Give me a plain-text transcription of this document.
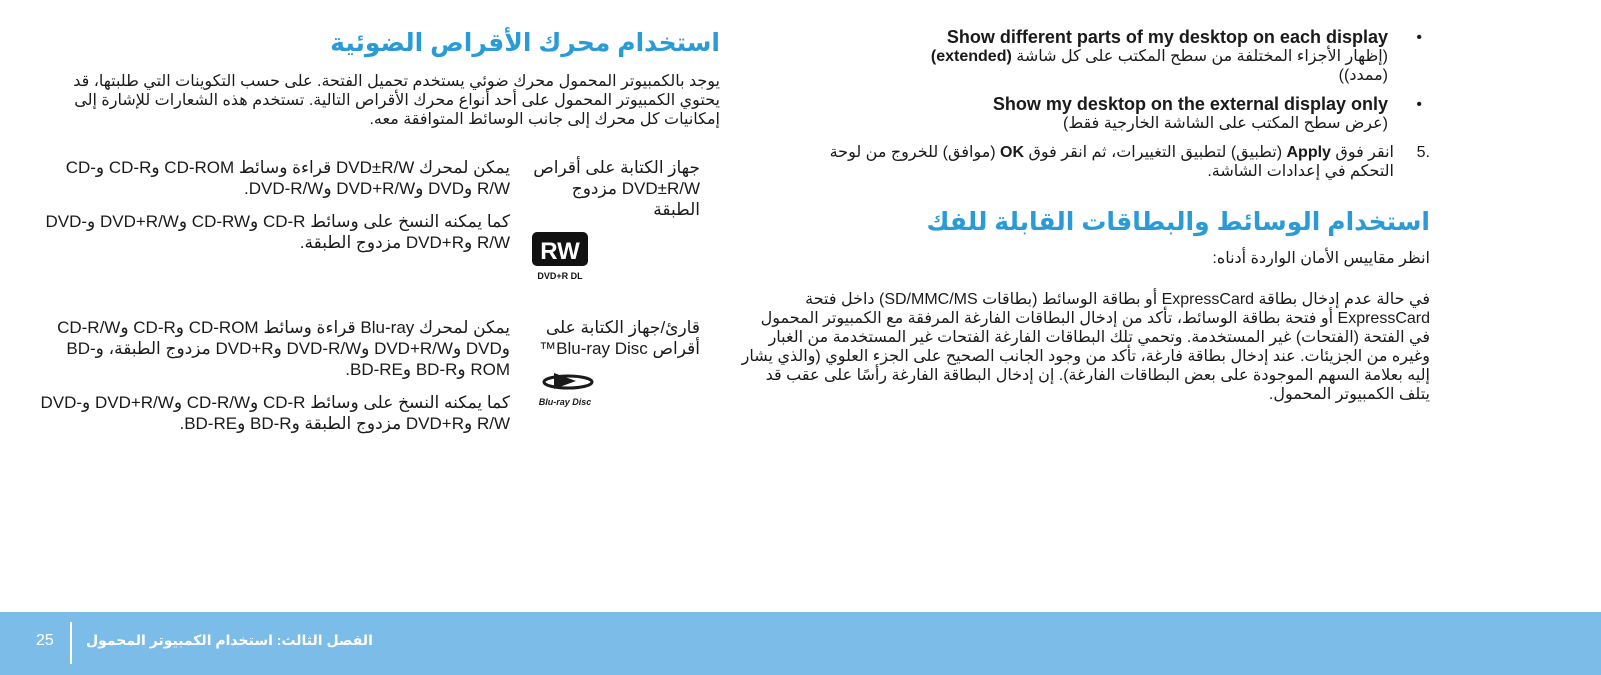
•
Show different parts of my desktop on each display
(إظهار الأجزاء المختلفة من سطح المكتب على كل شاشة (extended)
(ممدد))
•
Show my desktop on the external display only
(عرض سطح المكتب على الشاشة الخارجية فقط)
.5
انقر فوق Apply (تطبيق) لتطبيق التغييرات، ثم انقر فوق OK (موافق) للخروج من لوحة
التحكم في إعدادات الشاشة.
استخدام الوسائط والبطاقات القابلة للفك

انظر مقاييس الأمان الواردة أدناه:

في حالة عدم إدخال بطاقة ExpressCard أو بطاقة الوسائط (بطاقات SD/MMC/MS) داخل فتحة ExpressCard أو فتحة بطاقة الوسائط، تأكد من إدخال البطاقات الفارغة المرفقة مع الكمبيوتر المحمول في الفتحة (الفتحات) غير المستخدمة. وتحمي تلك البطاقات الفارغة الفتحات غير المستخدمة من الغبار وغيره من الجزيئات. عند إدخال بطاقة فارغة، تأكد من وجود الجانب الصحيح على الجزء العلوي (والذي يشار إليه بعلامة السهم الموجودة على بعض البطاقات الفارغة). إن إدخال البطاقة الفارغة رأسًا على عقب قد يتلف الكمبيوتر المحمول.

استخدام محرك الأقراص الضوئية

يوجد بالكمبيوتر المحمول محرك ضوئي يستخدم تحميل الفتحة. على حسب التكوينات التي طلبتها، قد يحتوي الكمبيوتر المحمول على أحد أنواع محرك الأقراص التالية. تستخدم هذه الشعارات للإشارة إلى إمكانيات كل محرك إلى جانب الوسائط المتوافقة معه.

جهاز الكتابة على أقراص DVD±R/W مزدوج الطبقة
RW
DVD+R DL

يمكن لمحرك DVD±R/W قراءة وسائط CD-ROM وCD-R وCD-R/W وDVD وDVD+R/W وDVD-R/W.

كما يمكنه النسخ على وسائط CD-R وCD-RW وDVD+R/W وDVD-R/W وDVD+R مزدوج الطبقة.

قارئ/جهاز الكتابة على أقراص Blu-ray Disc™
Blu-ray Disc

يمكن لمحرك Blu-ray قراءة وسائط CD-ROM وCD-R وCD-R/W وDVD وDVD+R/W وDVD-R/W وDVD+R مزدوج الطبقة، وBD-ROM وBD-R وBD-RE.

كما يمكنه النسخ على وسائط CD-R وCD-R/W وDVD+R/W وDVD-R/W وDVD+R مزدوج الطبقة وBD-R وBD-RE.

25 الفصل الثالث: استخدام الكمبيوتر المحمول
